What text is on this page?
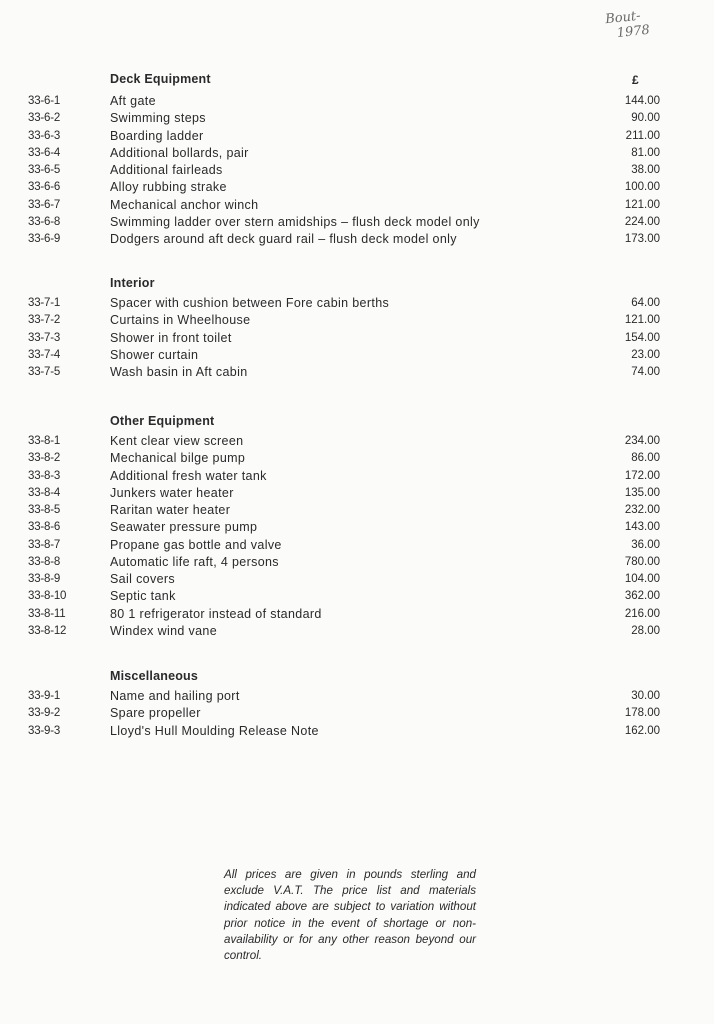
Bout-
1978
£
Deck Equipment
33-6-1	Aft gate	144.00
33-6-2	Swimming steps	90.00
33-6-3	Boarding ladder	211.00
33-6-4	Additional bollards, pair	81.00
33-6-5	Additional fairleads	38.00
33-6-6	Alloy rubbing strake	100.00
33-6-7	Mechanical anchor winch	121.00
33-6-8	Swimming ladder over stern amidships – flush deck model only	224.00
33-6-9	Dodgers around aft deck guard rail – flush deck model only	173.00
Interior
33-7-1	Spacer with cushion between Fore cabin berths	64.00
33-7-2	Curtains in Wheelhouse	121.00
33-7-3	Shower in front toilet	154.00
33-7-4	Shower curtain	23.00
33-7-5	Wash basin in Aft cabin	74.00
Other Equipment
33-8-1	Kent clear view screen	234.00
33-8-2	Mechanical bilge pump	86.00
33-8-3	Additional fresh water tank	172.00
33-8-4	Junkers water heater	135.00
33-8-5	Raritan water heater	232.00
33-8-6	Seawater pressure pump	143.00
33-8-7	Propane gas bottle and valve	36.00
33-8-8	Automatic life raft, 4 persons	780.00
33-8-9	Sail covers	104.00
33-8-10	Septic tank	362.00
33-8-11	80 1 refrigerator instead of standard	216.00
33-8-12	Windex wind vane	28.00
Miscellaneous
33-9-1	Name and hailing port	30.00
33-9-2	Spare propeller	178.00
33-9-3	Lloyd's Hull Moulding Release Note	162.00
All prices are given in pounds sterling and exclude V.A.T. The price list and materials indicated above are subject to variation without prior notice in the event of shortage or non-availability or for any other reason beyond our control.
